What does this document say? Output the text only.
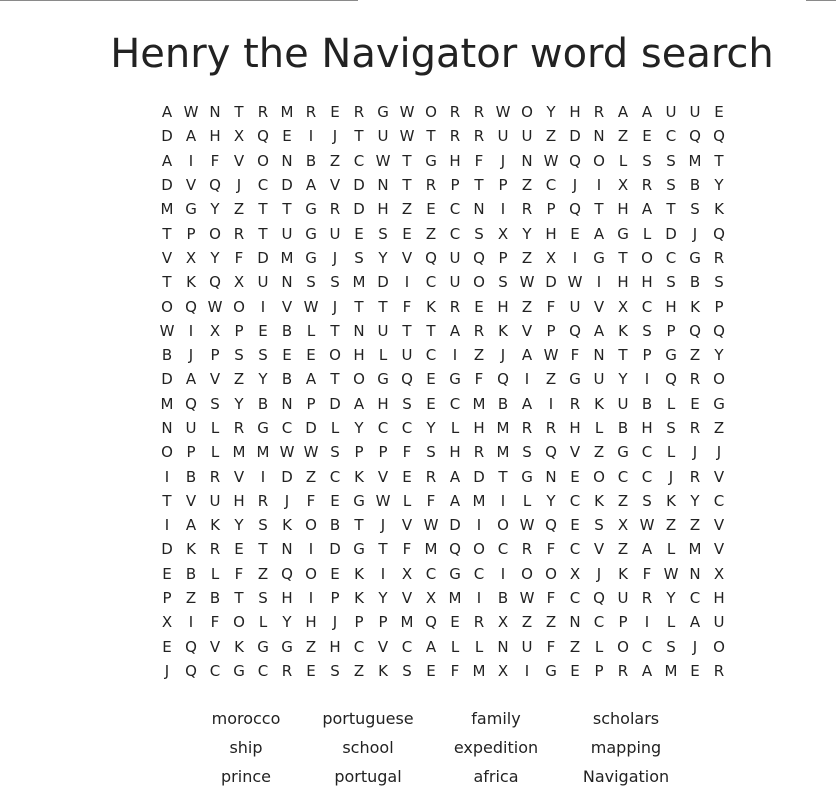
Henry the Navigator word search
A W N T R M R E R G W O R R W O Y H R A A U U E
D A H X Q E	I	J	T U W T R R U U Z D N Z E C Q Q
A	I	F V O N B Z C W T G H F	J	N W Q O L	S S M T
D V Q	J	C D A V D N T R P T P Z C	J	I	X R S B Y
M G Y Z T T G R D H Z E C N	I	R P Q T H A T S K
T P O R T U G U E S E Z C S X Y H E A G L D	J	Q
V X Y	F D M G	J	S Y V Q U Q P Z X	I	G T O C G R
T K Q X U N S S M D	I	C U O S W D W I	H H S B S
O Q W O	I	V W J	T T	F K R E H Z F U V X C H K P
W I	X P E B L	T N U T T A R K V P Q A K S P Q Q
B	J	P S S E E O H L U C	I	Z	J	A W F N T P G Z Y
D A V Z Y B A T O G Q E G F Q	I	Z G U Y	I	Q R O
M Q S Y B N P D A H S E C M B A	I	R K U B L	E G
N U L R G C D L	Y C C Y	L H M R R H L B H S R Z
O P	L M M W W S P P	F S H R M S Q V Z G C L	J	J
I	B R V	I	D Z C K V E R A D T G N E O C C	J	R V
T V U H R	J	F E G W L	F A M	I	L	Y C K Z S K Y C
I	A K Y S K O B T	J	V W D	I	O W Q E S X W Z Z V
D K R E T N	I	D G T	F M Q O C R F C V Z A L M V
E B L	F Z Q O E K	I	X C G C	I	O O X	J	K F W N X
P Z B T S H	I	P K Y V X M	I	B W F C Q U R Y C H
X	I	F O L	Y H	J	P P M Q E R X Z Z N C P	I	L A U
E Q V K G G Z H C V C A L	L N U F Z L O C S	J	O
J	Q C G C R E S Z K S E F M X	I	G E P R A M E R
morocco	portuguese	family	scholars
ship	school	expedition	mapping
prince	portugal	africa	Navigation
